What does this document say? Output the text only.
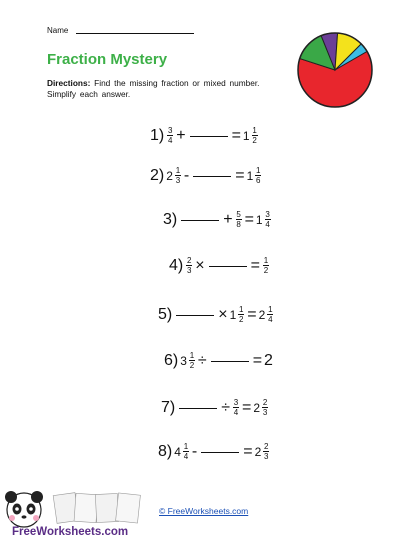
Name
Fraction Mystery
Directions: Find the missing fraction or mixed number. Simplify each answer.
$1) \frac{3}{4}$ +	= $1 \frac{1}{2}$
2) $2 \frac{1}{3}$ -	= $1 \frac{1}{6}$
3)	+ $\frac{5}{8} = 1 \frac{3}{4}$
$4) \frac{2}{3}$ ×	= $\frac{1}{2}$
5)	× $1 \frac{1}{2} = 2 \frac{1}{4}$
6) $3 \frac{1}{2}$ ÷	= 2
7)	÷ $\frac{3}{4} = 2 \frac{2}{3}$
8) $4 \frac{1}{4}$ -	= $2 \frac{2}{3}$
FreeWorksheets.com
© FreeWorksheets.com
